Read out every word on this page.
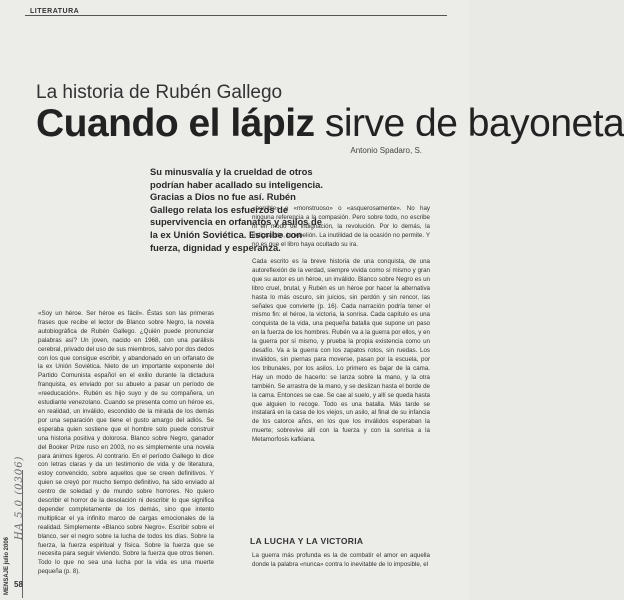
LITERATURA
La historia de Rubén Gallego
Cuando el lápiz sirve de bayoneta
Antonio Spadaro, S.
Su minusvalía y la crueldad de otros podrían haber acallado su inteligencia. Gracias a Dios no fue así. Rubén Gallego relata los esfuerzos de supervivencia en orfanatos y asilos de la ex Unión Soviética. Escribe con fuerza, dignidad y esperanza.
«Soy un héroe. Ser héroe es fácil». Éstas son las primeras frases que recibe el lector de Blanco sobre Negro, la novela autobiográfica de Rubén Gallego. ¿Quién puede pronunciar palabras así? Un joven, nacido en 1968, con una parálisis cerebral, privado del uso de sus miembros, salvo por dos dedos con los que consigue escribir, y abandonado en un orfanato de la ex Unión Soviética. Nieto de un importante exponente del Partido Comunista español en el exilio durante la dictadura franquista, es enviado por su abuelo a pasar un período de «reeducación». Rubén es hijo suyo y de su compañera, un estudiante venezolano. Cuando se presenta como un héroe es, en realidad, un inválido, escondido de la mirada de los demás por una separación que tiene el gusto amargo del adiós. Se esperaba quien sostiene que el hombre solo puede construir una historia positiva y dolorosa. Blanco sobre Negro, ganador del Booker Prize ruso en 2003, no es simplemente una novela para ánimos ligeros. Al contrario. En el período Gallego lo dice con letras claras y da un testimonio de vida y de literatura, estoy convencido, sobre aquellos que se creen definitivos. Y quien se creyó por mucho tiempo definitivo, ha sido enviado al centro de soledad y de mundo sobre horrores. No quiero describir el horror de la desolación ni describir lo que significa depender completamente de los demás, sino que intento multiplicar el ya infinito marco de cargas emocionales de la realidad. Simplemente «Blanco sobre Negro». Escribir sobre el blanco, ser el negro sobre la lucha de todos los días. Sobre la fuerza, la fuerza espiritual y física. Sobre la fuerza que se necesita para seguir viviendo. Sobre la fuerza que otros tienen. Todo lo que no sea una lucha por la vida es una muerte pequeña (p. 8).
«horrible» o «monstruoso» o «asquerosamente». No hay ninguna referencia a la compasión. Pero sobre todo, no escribe ni en modo de indignación, la revolución. Por lo demás, la indignación, la rebelión. La inutilidad de la ocasión no permite. Y no es que el libro haya ocultado su ira.
Cada escrito es la breve historia de una conquista, de una autoreflexión de la verdad, siempre vivida como sí mismo y gran que su autor es un héroe, un inválido. Blanco sobre Negro es un libro cruel, brutal, y Rubén es un héroe por hacer la alternativa hasta lo más oscuro, sin juicios, sin perdón y sin rencor, las señales que convierte (p. 16). Cada narración podría tener el mismo fin: el héroe, la victoria, la sonrisa. Cada capítulo es una conquista de la vida, una pequeña batalla que supone un paso en la fuerza de los hombres. Rubén va a la guerra por ellos, y en la guerra por sí mismo, y prueba la propia existencia como un desafío. Va a la guerra con los zapatos rotos, sin ruedas. Los inválidos, sin piernas para moverse, pasan por la escuela, por los tribunales, por los asilos. Lo primero es bajar de la cama. Hay un modo de hacerlo: se lanza sobre la mano, y la otra también. Se arrastra de la mano, y se deslizan hasta el borde de la cama. Entonces se cae. Se cae al suelo, y allí se queda hasta que alguien lo recoge. Todo es una batalla. Más tarde se instalará en la casa de los viejos, un asilo, al final de su infancia de los catorce años, en los que los inválidos esperaban la muerte; sobrevive allí con la fuerza y con la sonrisa a la Metamorfosis kafkiana.
LA LUCHA Y LA VICTORIA
La guerra más profunda es la de combatir el amor en aquella donde la palabra «nunca» contra lo inevitable de lo imposible, el
MENSAJE julio 2006
HA 5.0 (0306)
58
